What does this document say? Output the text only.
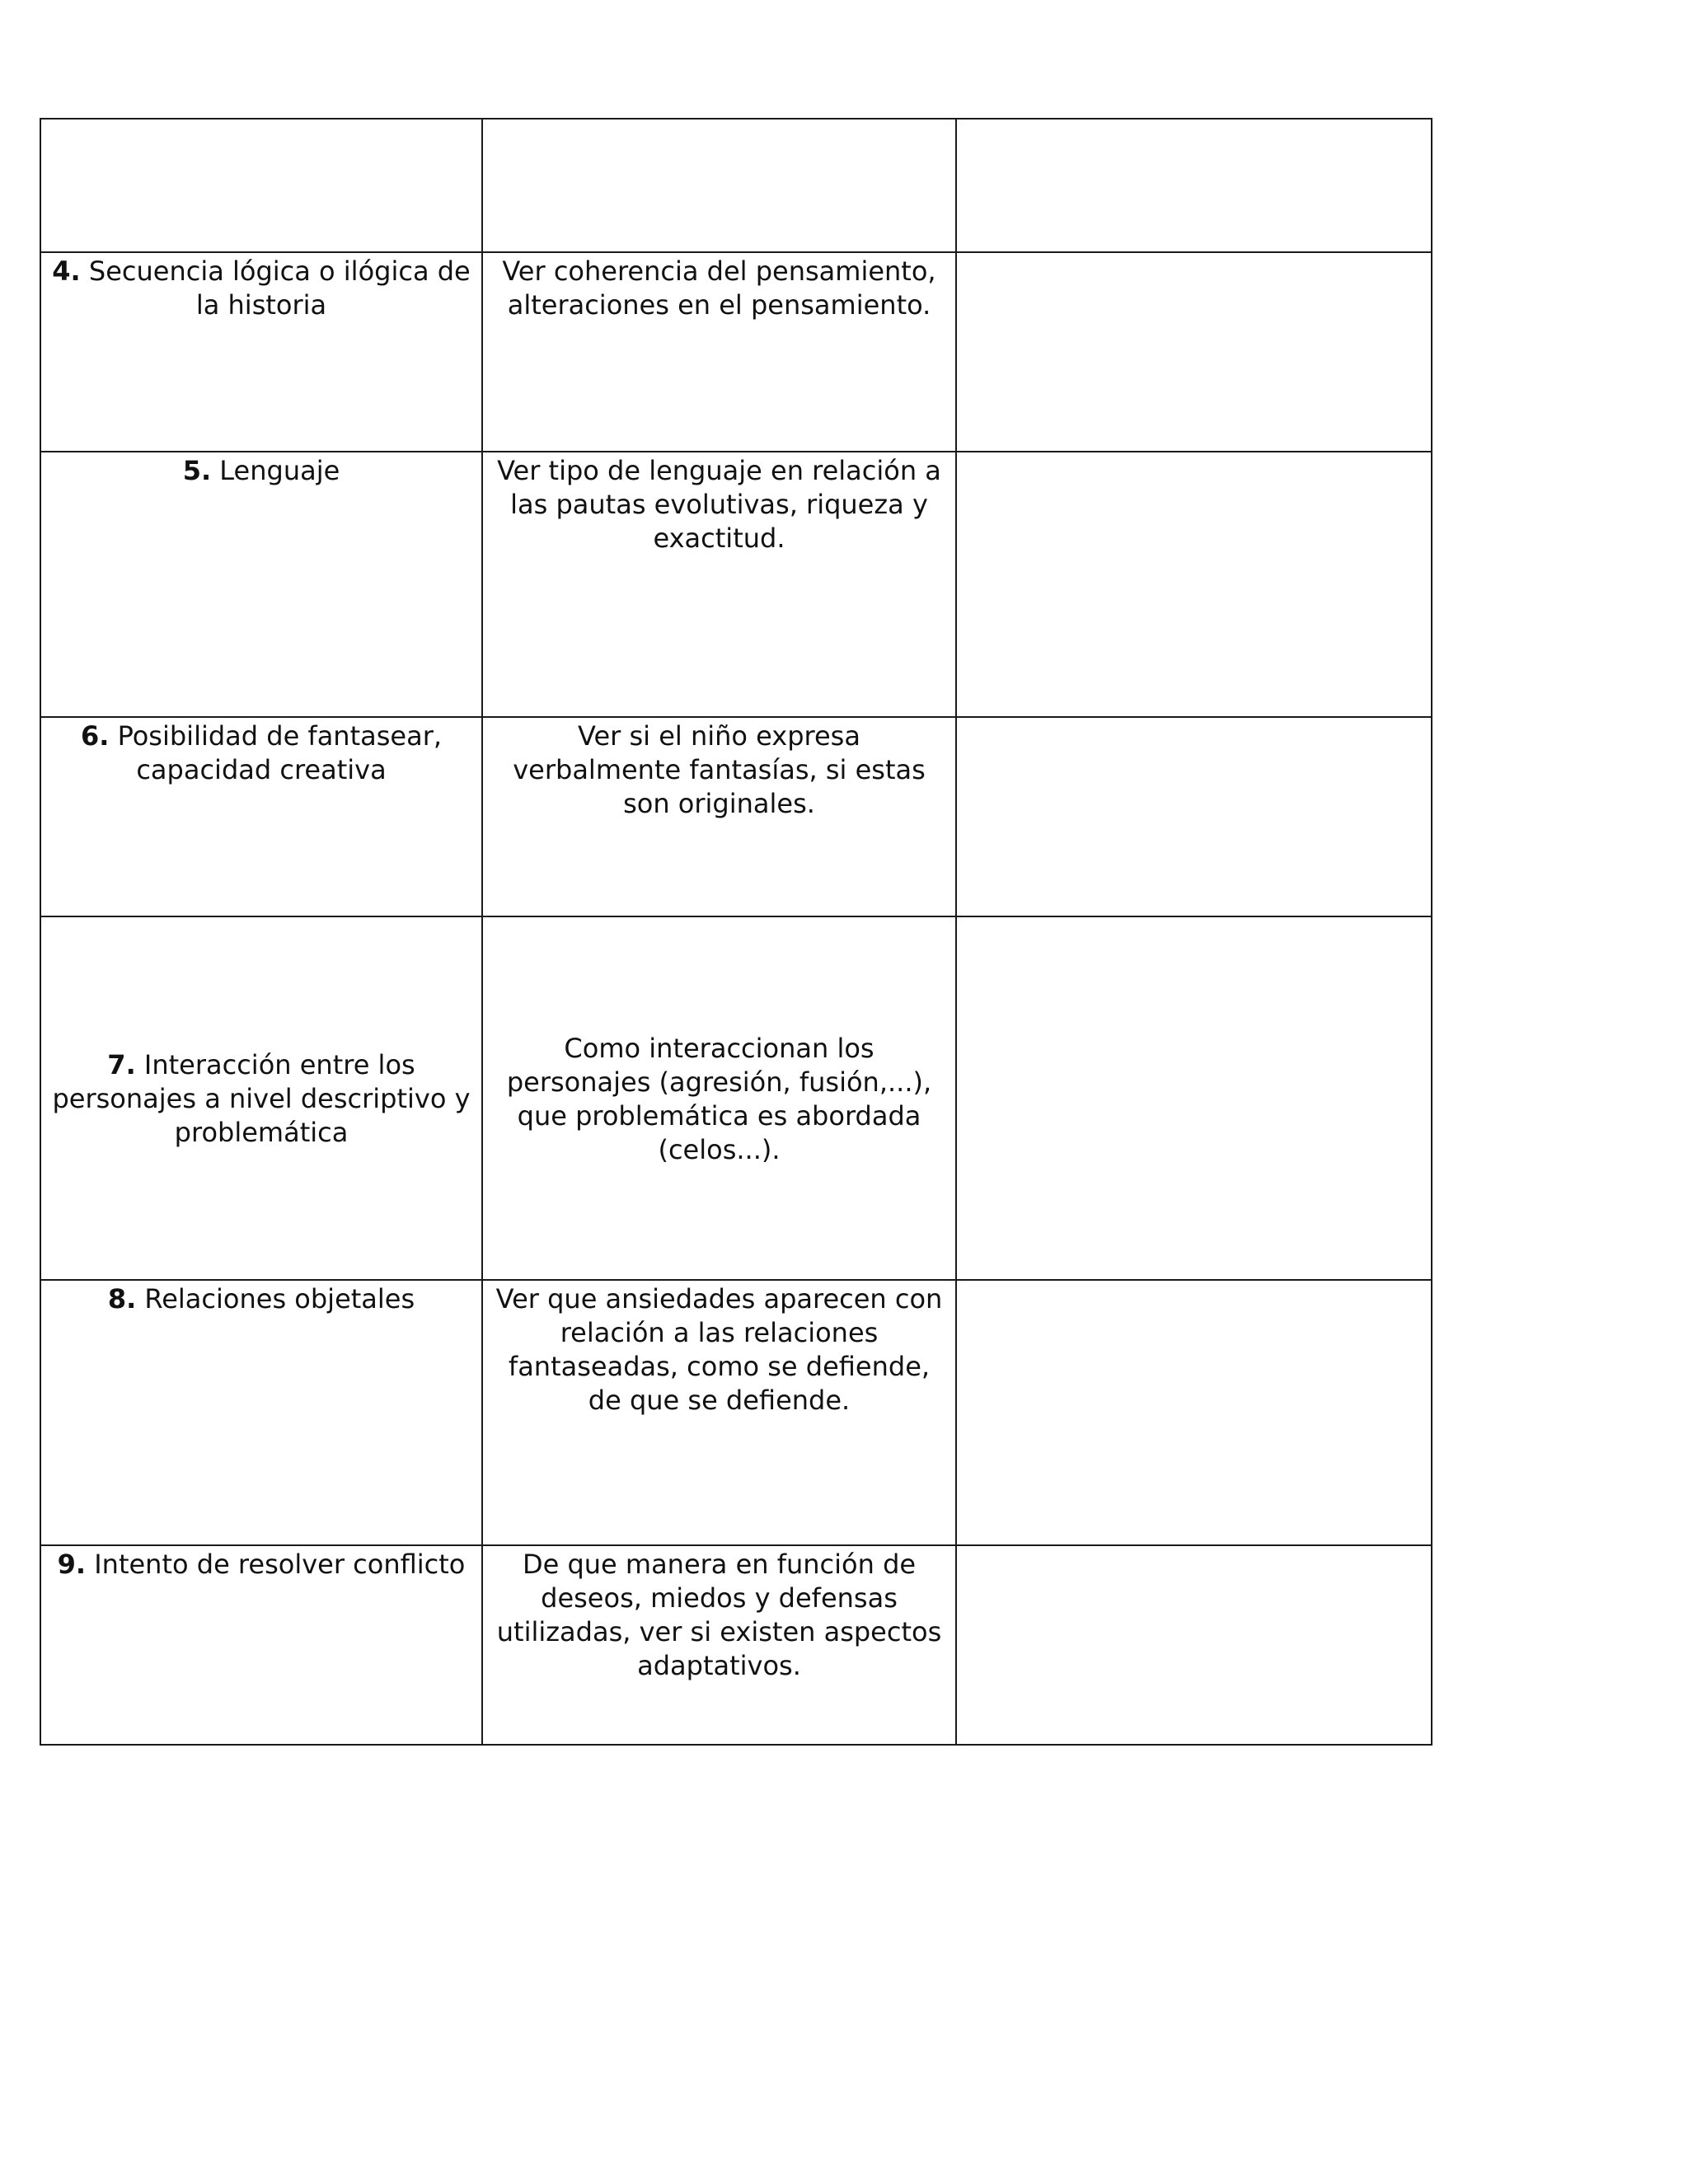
4. Secuencia lógica o ilógica de la historia	Ver coherencia del pensamiento, alteraciones en el pensamiento.	

5. Lenguaje	Ver tipo de lenguaje en relación a las pautas evolutivas, riqueza y exactitud.	

6. Posibilidad de fantasear, capacidad creativa	Ver si el niño expresa verbalmente fantasías, si estas son originales.	

7. Interacción entre los personajes a nivel descriptivo y problemática	Como interaccionan los personajes (agresión, fusión,...), que problemática es abordada (celos...).	

8. Relaciones objetales	Ver que ansiedades aparecen con relación a las relaciones fantaseadas, como se defiende, de que se defiende.	

9. Intento de resolver conflicto	De que manera en función de deseos, miedos y defensas utilizadas, ver si existen aspectos adaptativos.	
